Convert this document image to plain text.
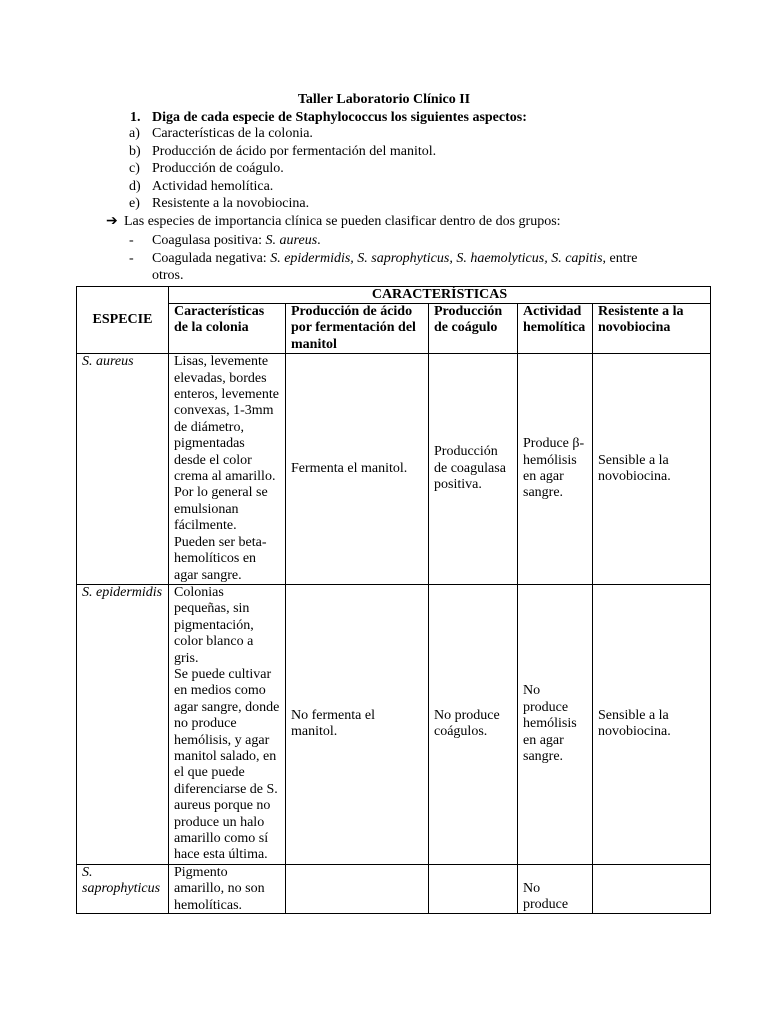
Taller Laboratorio Clínico II
1. Diga de cada especie de Staphylococcus los siguientes aspectos:
a) Características de la colonia.
b) Producción de ácido por fermentación del manitol.
c) Producción de coágulo.
d) Actividad hemolítica.
e) Resistente a la novobiocina.
➔ Las especies de importancia clínica se pueden clasificar dentro de dos grupos:
- Coagulasa positiva: S. aureus.
- Coagulada negativa: S. epidermidis, S. saprophyticus, S. haemolyticus, S. capitis, entre otros.
ESPECIE	CARACTERÍSTICAS				
	Características de la colonia	Producción de ácido por fermentación del manitol	Producción de coágulo	Actividad hemolítica	Resistente a la novobiocina
S. aureus	Lisas, levemente elevadas, bordes enteros, levemente convexas, 1-3mm de diámetro, pigmentadas desde el color crema al amarillo. Por lo general se emulsionan fácilmente. Pueden ser beta-hemolíticos en agar sangre.	Fermenta el manitol.	Producción de coagulasa positiva.	Produce β-hemólisis en agar sangre.	Sensible a la novobiocina.
S. epidermidis	Colonias pequeñas, sin pigmentación, color blanco a gris.
Se puede cultivar en medios como agar sangre, donde no produce hemólisis, y agar manitol salado, en el que puede diferenciarse de S. aureus porque no produce un halo amarillo como sí hace esta última.	No fermenta el manitol.	No produce coágulos.	No produce hemólisis en agar sangre.	Sensible a la novobiocina.

S. saprophyticus	Pigmento amarillo, no son hemolíticas.			No produce	
